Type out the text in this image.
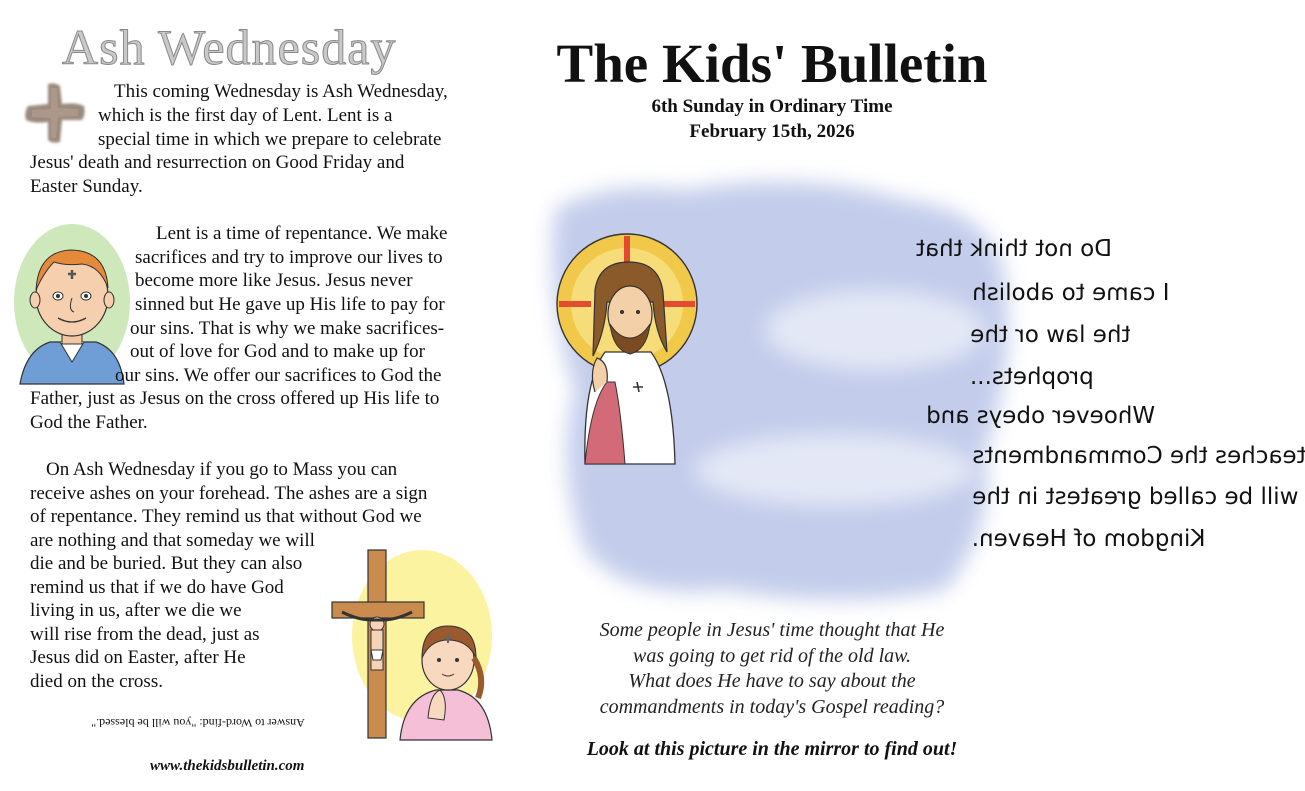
Ash Wednesday
This coming Wednesday is Ash Wednesday,
which is the first day of Lent. Lent is a
special time in which we prepare to celebrate
Jesus' death and resurrection on Good Friday and
Easter Sunday.
Lent is a time of repentance. We make
sacrifices and try to improve our lives to
become more like Jesus. Jesus never
sinned but He gave up His life to pay for
our sins. That is why we make sacrifices-
out of love for God and to make up for
our sins. We offer our sacrifices to God the
Father, just as Jesus on the cross offered up His life to
God the Father.
On Ash Wednesday if you go to Mass you can
receive ashes on your forehead. The ashes are a sign
of repentance. They remind us that without God we
are nothing and that someday we will
die and be buried. But they can also
remind us that if we do have God
living in us, after we die we
will rise from the dead, just as
Jesus did on Easter, after He
died on the cross.
Answer to Word-find: "you will be blessed."
www.thekidsbulletin.com
The Kids' Bulletin
6th Sunday in Ordinary Time
February 15th, 2026
Do not think that
I came to abolish
the law or the
prophets...
Whoever obeys and
teaches the Commandments
will be called greatest in the
Kingdom of Heaven.
Some people in Jesus' time thought that He
was going to get rid of the old law.
What does He have to say about the
commandments in today's Gospel reading?
Look at this picture in the mirror to find out!
